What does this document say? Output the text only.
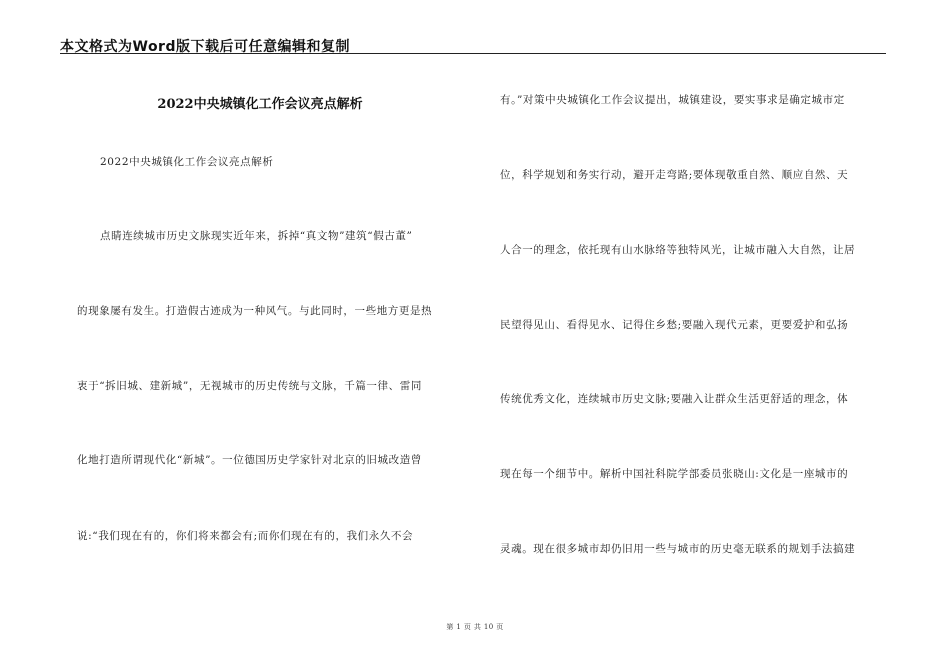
本文格式为Word版下载后可任意编辑和复制
2022中央城镇化工作会议亮点解析
2022中央城镇化工作会议亮点解析
点睛连续城市历史文脉现实近年来，拆掉“真文物”建筑“假古董”
的现象屡有发生。打造假古迹成为一种风气。与此同时，一些地方更是热
衷于“拆旧城、建新城”，无视城市的历史传统与文脉，千篇一律、雷同
化地打造所谓现代化“新城”。一位德国历史学家针对北京的旧城改造曾
说:“我们现在有的，你们将来都会有;而你们现在有的，我们永久不会
有。”对策中央城镇化工作会议提出，城镇建设，要实事求是确定城市定
位，科学规划和务实行动，避开走弯路;要体现敬重自然、顺应自然、天
人合一的理念，依托现有山水脉络等独特风光，让城市融入大自然，让居
民望得见山、看得见水、记得住乡愁;要融入现代元素，更要爱护和弘扬
传统优秀文化，连续城市历史文脉;要融入让群众生活更舒适的理念，体
现在每一个细节中。解析中国社科院学部委员张晓山:文化是一座城市的
灵魂。现在很多城市却仍旧用一些与城市的历史毫无联系的规划手法搞建
第 1 页 共 10 页
